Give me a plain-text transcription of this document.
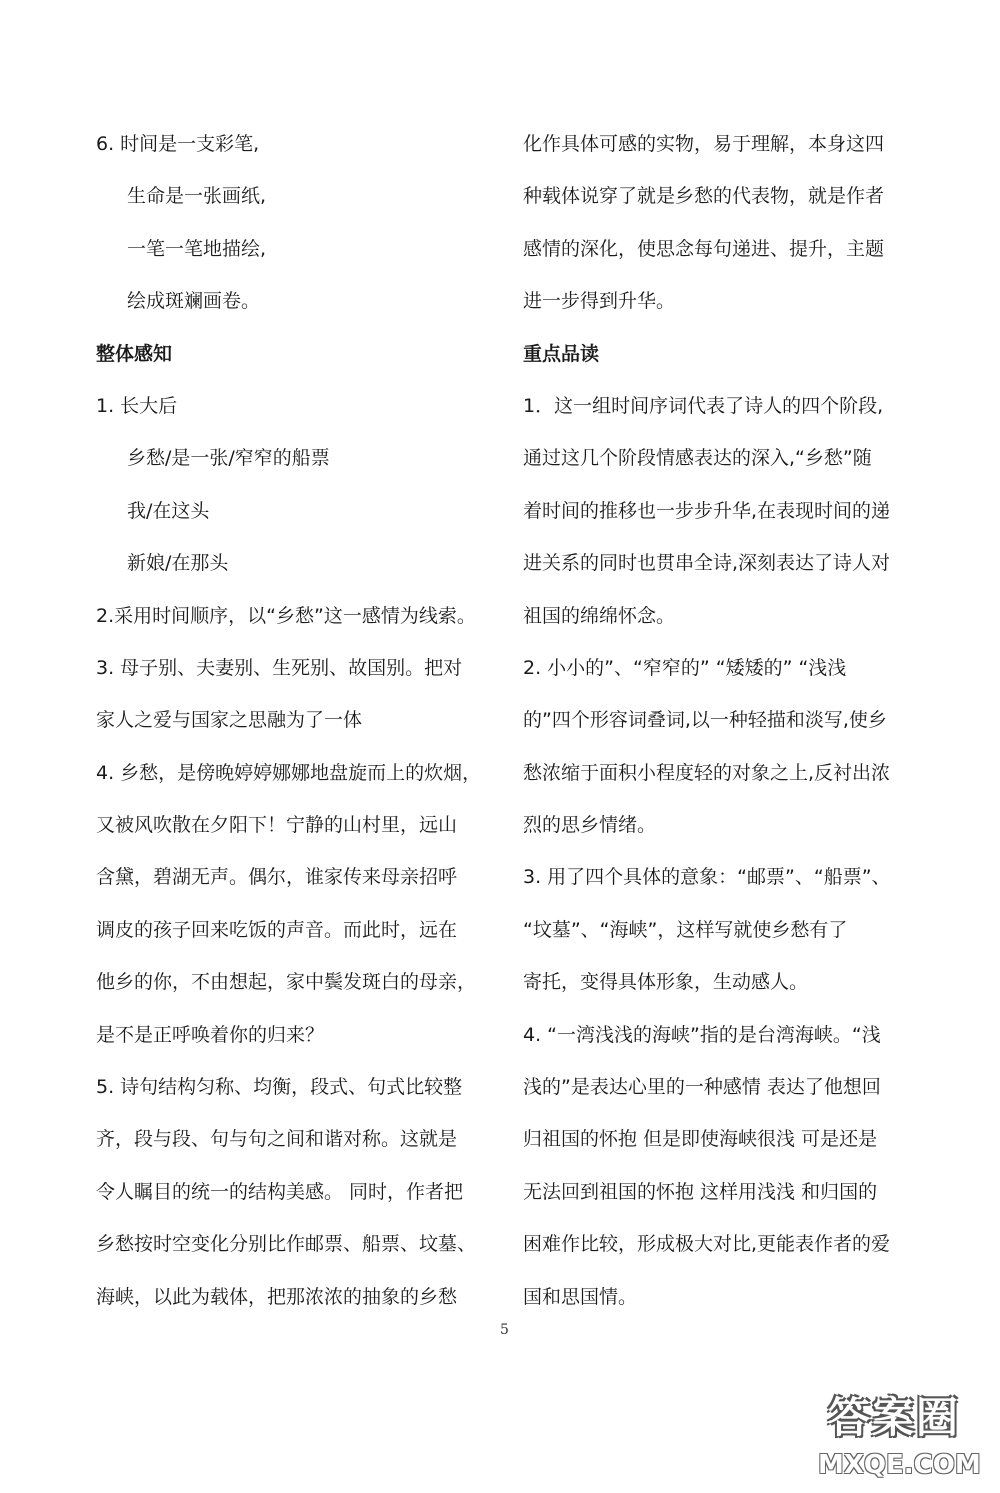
6. 时间是一支彩笔,
生命是一张画纸,
一笔一笔地描绘,
绘成斑斓画卷。
整体感知
1. 长大后
乡愁/是一张/窄窄的船票
我/在这头
新娘/在那头
2.采用时间顺序，以“乡愁”这一感情为线索。
3. 母子别、夫妻别、生死别、故国别。把对
家人之爱与国家之思融为了一体
4. 乡愁，是傍晚婷婷娜娜地盘旋而上的炊烟，
又被风吹散在夕阳下！宁静的山村里，远山
含黛，碧湖无声。偶尔，谁家传来母亲招呼
调皮的孩子回来吃饭的声音。而此时，远在
他乡的你，不由想起，家中鬓发斑白的母亲，
是不是正呼唤着你的归来？
5. 诗句结构匀称、均衡，段式、句式比较整
齐，段与段、句与句之间和谐对称。这就是
令人瞩目的统一的结构美感。 同时，作者把
乡愁按时空变化分别比作邮票、船票、坟墓、
海峡，以此为载体，把那浓浓的抽象的乡愁
化作具体可感的实物，易于理解，本身这四
种载体说穿了就是乡愁的代表物，就是作者
感情的深化，使思念每句递进、提升，主题
进一步得到升华。
重点品读
1．这一组时间序词代表了诗人的四个阶段,
通过这几个阶段情感表达的深入,“乡愁”随
着时间的推移也一步步升华,在表现时间的递
进关系的同时也贯串全诗,深刻表达了诗人对
祖国的绵绵怀念。
2. 小小的”、“窄窄的” “矮矮的” “浅浅
的”四个形容词叠词,以一种轻描和淡写,使乡
愁浓缩于面积小程度轻的对象之上,反衬出浓
烈的思乡情绪。
3. 用了四个具体的意象：“邮票”、“船票”、
“坟墓”、“海峡”，这样写就使乡愁有了
寄托，变得具体形象，生动感人。
4. “一湾浅浅的海峡”指的是台湾海峡。“浅
浅的”是表达心里的一种感情 表达了他想回
归祖国的怀抱 但是即使海峡很浅 可是还是
无法回到祖国的怀抱 这样用浅浅 和归国的
困难作比较，形成极大对比,更能表作者的爱
国和思国情。
5
答案圈
MXQE.COM
